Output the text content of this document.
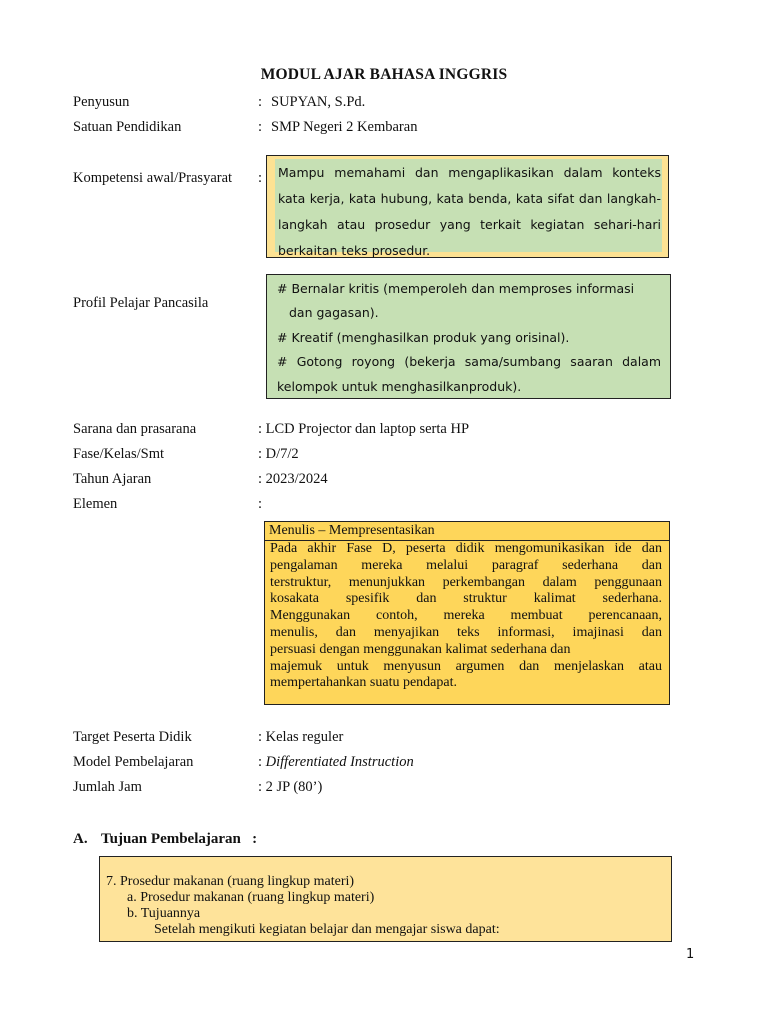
MODUL AJAR BAHASA INGGRIS
Penyusun	: SUPYAN, S.Pd.
Satuan Pendidikan	: SMP Negeri 2 Kembaran
Kompetensi awal/Prasyarat : Mampu memahami dan mengaplikasikan dalam konteks
kata kerja, kata hubung, kata benda, kata sifat dan langkah-
langkah atau prosedur yang terkait kegiatan sehari-hari
berkaitan teks prosedur.
Profil Pelajar Pancasila
# Bernalar kritis (memperoleh dan memproses informasi
dan gagasan).
# Kreatif (menghasilkan produk yang orisinal).
# Gotong royong (bekerja sama/sumbang saaran dalam
kelompok untuk menghasilkanproduk).
Sarana dan prasarana	: LCD Projector dan laptop serta HP
Fase/Kelas/Smt	: D/7/2
Tahun Ajaran	: 2023/2024
Elemen	:
Menulis – Mempresentasikan
Pada akhir Fase D, peserta didik mengomunikasikan ide dan
pengalaman mereka melalui paragraf sederhana dan
terstruktur, menunjukkan perkembangan dalam penggunaan
kosakata spesifik dan struktur kalimat sederhana.
Menggunakan contoh, mereka membuat perencanaan,
menulis, dan menyajikan teks informasi, imajinasi dan
persuasi dengan menggunakan kalimat sederhana dan
majemuk untuk menyusun argumen dan menjelaskan atau
mempertahankan suatu pendapat.
Target Peserta Didik	: Kelas reguler
Model Pembelajaran	: Differentiated Instruction
Jumlah Jam	: 2 JP (80’)
A. Tujuan Pembelajaran :
7. Prosedur makanan (ruang lingkup materi)
a. Prosedur makanan (ruang lingkup materi)
b. Tujuannya
Setelah mengikuti kegiatan belajar dan mengajar siswa dapat:
1
